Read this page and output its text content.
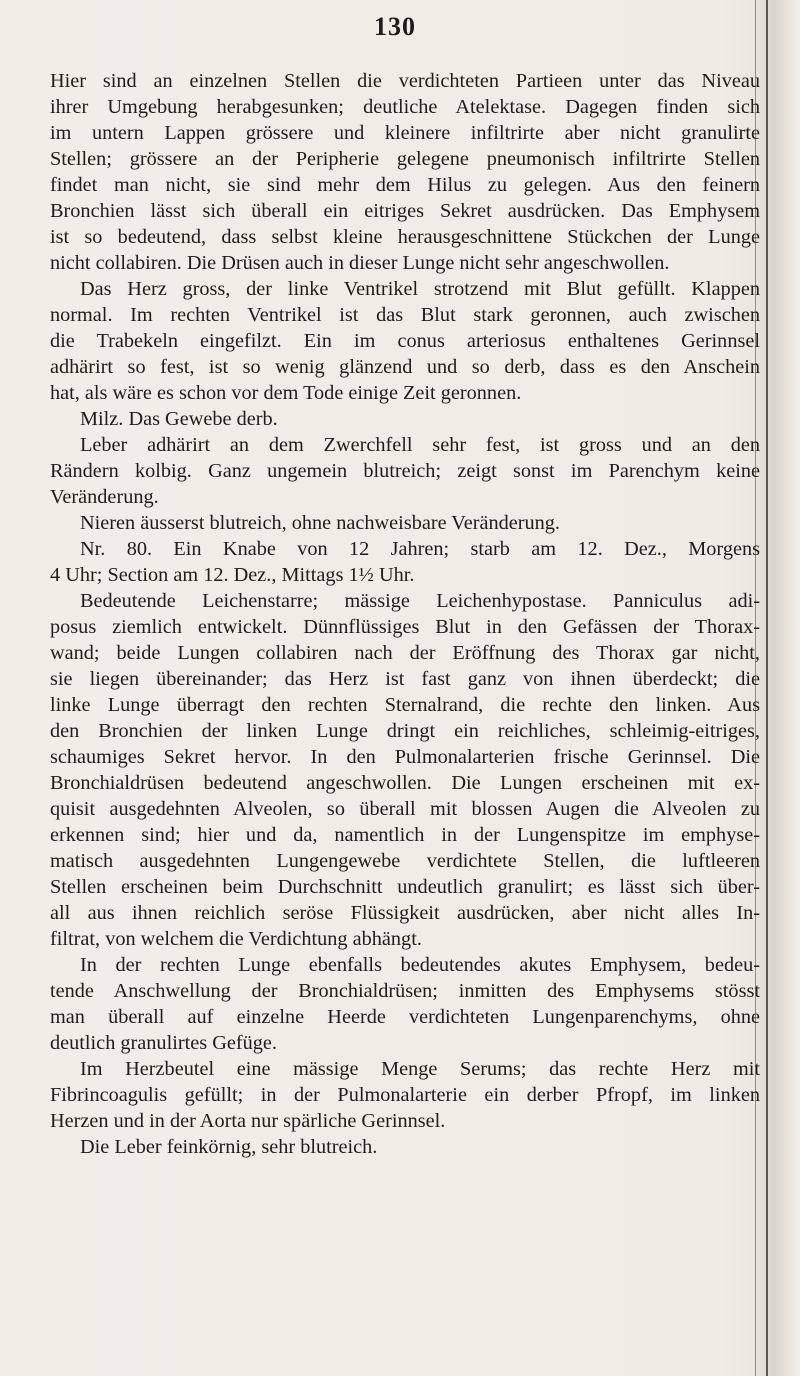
130
Hier sind an einzelnen Stellen die verdichteten Partieen unter das Niveau
ihrer Umgebung herabgesunken; deutliche Atelektase. Dagegen finden sich
im untern Lappen grössere und kleinere infiltrirte aber nicht granulirte
Stellen; grössere an der Peripherie gelegene pneumonisch infiltrirte Stellen
findet man nicht, sie sind mehr dem Hilus zu gelegen. Aus den feinern
Bronchien lässt sich überall ein eitriges Sekret ausdrücken. Das Emphysem
ist so bedeutend, dass selbst kleine herausgeschnittene Stückchen der Lunge
nicht collabiren. Die Drüsen auch in dieser Lunge nicht sehr angeschwollen.
Das Herz gross, der linke Ventrikel strotzend mit Blut gefüllt. Klappen
normal. Im rechten Ventrikel ist das Blut stark geronnen, auch zwischen
die Trabekeln eingefilzt. Ein im conus arteriosus enthaltenes Gerinnsel
adhärirt so fest, ist so wenig glänzend und so derb, dass es den Anschein
hat, als wäre es schon vor dem Tode einige Zeit geronnen.
Milz. Das Gewebe derb.
Leber adhärirt an dem Zwerchfell sehr fest, ist gross und an den
Rändern kolbig. Ganz ungemein blutreich; zeigt sonst im Parenchym keine
Veränderung.
Nieren äusserst blutreich, ohne nachweisbare Veränderung.
Nr. 80. Ein Knabe von 12 Jahren; starb am 12. Dez., Morgens
4 Uhr; Section am 12. Dez., Mittags 1½ Uhr.
Bedeutende Leichenstarre; mässige Leichenhypostase. Panniculus adi-
posus ziemlich entwickelt. Dünnflüssiges Blut in den Gefässen der Thorax-
wand; beide Lungen collabiren nach der Eröffnung des Thorax gar nicht,
sie liegen übereinander; das Herz ist fast ganz von ihnen überdeckt; die
linke Lunge überragt den rechten Sternalrand, die rechte den linken. Aus
den Bronchien der linken Lunge dringt ein reichliches, schleimig-eitriges,
schaumiges Sekret hervor. In den Pulmonalarterien frische Gerinnsel. Die
Bronchialdrüsen bedeutend angeschwollen. Die Lungen erscheinen mit ex-
quisit ausgedehnten Alveolen, so überall mit blossen Augen die Alveolen zu
erkennen sind; hier und da, namentlich in der Lungenspitze im emphyse-
matisch ausgedehnten Lungengewebe verdichtete Stellen, die luftleeren
Stellen erscheinen beim Durchschnitt undeutlich granulirt; es lässt sich über-
all aus ihnen reichlich seröse Flüssigkeit ausdrücken, aber nicht alles In-
filtrat, von welchem die Verdichtung abhängt.
In der rechten Lunge ebenfalls bedeutendes akutes Emphysem, bedeu-
tende Anschwellung der Bronchialdrüsen; inmitten des Emphysems stösst
man überall auf einzelne Heerde verdichteten Lungenparenchyms, ohne
deutlich granulirtes Gefüge.
Im Herzbeutel eine mässige Menge Serums; das rechte Herz mit
Fibrincoagulis gefüllt; in der Pulmonalarterie ein derber Pfropf, im linken
Herzen und in der Aorta nur spärliche Gerinnsel.
Die Leber feinkörnig, sehr blutreich.
